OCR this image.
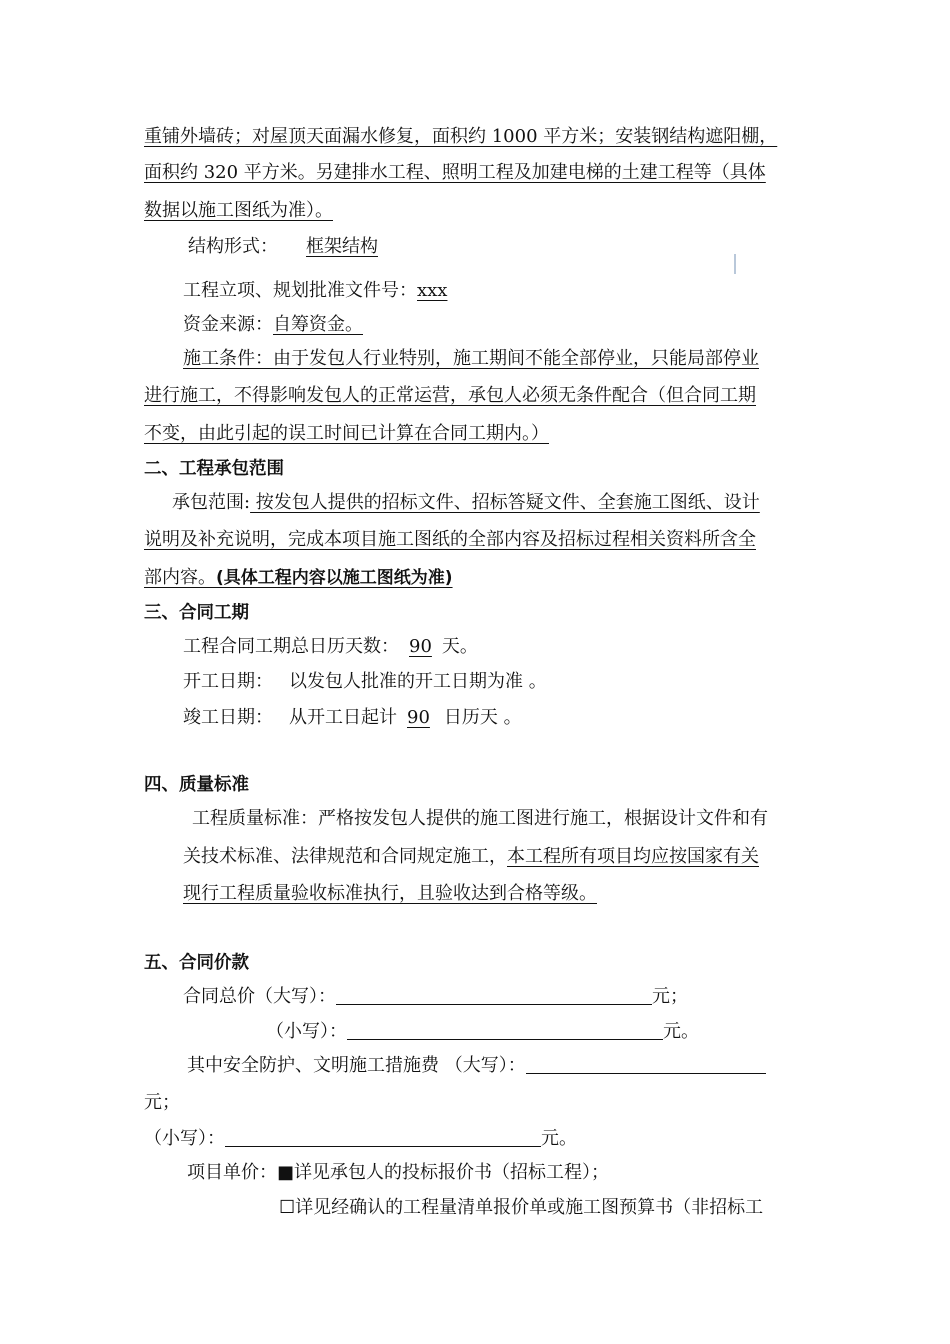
重铺外墙砖；对屋顶天面漏水修复，面积约 1000 平方米；安装钢结构遮阳棚，
面积约 320 平方米。另建排水工程、照明工程及加建电梯的土建工程等（具体
数据以施工图纸为准）。
结构形式： 框架结构
工程立项、规划批准文件号：xxx
资金来源：自筹资金。
施工条件：由于发包人行业特别，施工期间不能全部停业，只能局部停业
进行施工，不得影响发包人的正常运营，承包人必须无条件配合（但合同工期
不变，由此引起的误工时间已计算在合同工期内。）
二、工程承包范围
承包范围: 按发包人提供的招标文件、招标答疑文件、全套施工图纸、设计
说明及补充说明，完成本项目施工图纸的全部内容及招标过程相关资料所含全
部内容。(具体工程内容以施工图纸为准)
三、合同工期
工程合同工期总日历天数： 90 天。
开工日期： 以发包人批准的开工日期为准 。
竣工日期： 从开工日起计 90 日历天 。
四、质量标准
工程质量标准：严格按发包人提供的施工图进行施工，根据设计文件和有
关技术标准、法律规范和合同规定施工，本工程所有项目均应按国家有关
现行工程质量验收标准执行，且验收达到合格等级。
五、合同价款
合同总价（大写）：	元；
（小写）：	元。
其中安全防护、文明施工措施费 （大写）：
元；
（小写）：	元。
项目单价：■详见承包人的投标报价书（招标工程）；
☐详见经确认的工程量清单报价单或施工图预算书（非招标工
